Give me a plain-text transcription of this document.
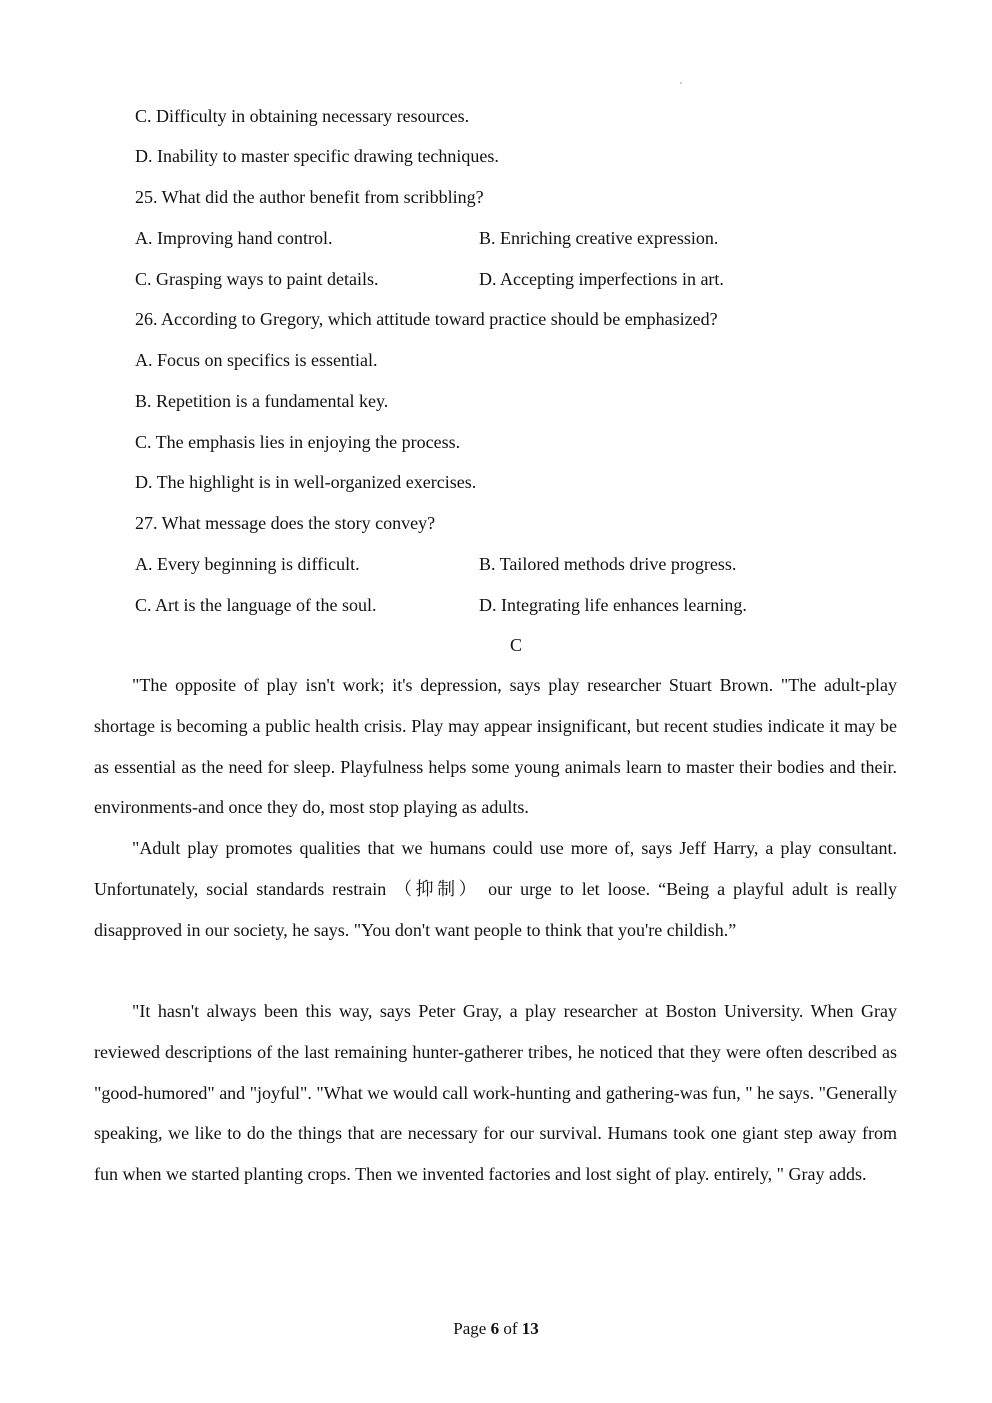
C. Difficulty in obtaining necessary resources.
D. Inability to master specific drawing techniques.
25. What did the author benefit from scribbling?
A. Improving hand control.	B. Enriching creative expression.
C. Grasping ways to paint details.	D. Accepting imperfections in art.
26. According to Gregory, which attitude toward practice should be emphasized?
A. Focus on specifics is essential.
B. Repetition is a fundamental key.
C. The emphasis lies in enjoying the process.
D. The highlight is in well-organized exercises.
27. What message does the story convey?
A. Every beginning is difficult.	B. Tailored methods drive progress.
C. Art is the language of the soul.	D. Integrating life enhances learning.
C

"The opposite of play isn't work; it's depression, says play researcher Stuart Brown. "The adult-play shortage is becoming a public health crisis. Play may appear insignificant, but recent studies indicate it may be as essential as the need for sleep. Playfulness helps some young animals learn to master their bodies and their. environments-and once they do, most stop playing as adults.

"Adult play promotes qualities that we humans could use more of, says Jeff Harry, a play consultant. Unfortunately, social standards restrain （抑制） our urge to let loose. “Being a playful adult is really disapproved in our society, he says. "You don't want people to think that you're childish.”

"It hasn't always been this way, says Peter Gray, a play researcher at Boston University. When Gray reviewed descriptions of the last remaining hunter-gatherer tribes, he noticed that they were often described as "good-humored" and "joyful". "What we would call work-hunting and gathering-was fun, " he says. "Generally speaking, we like to do the things that are necessary for our survival. Humans took one giant step away from fun when we started planting crops. Then we invented factories and lost sight of play. entirely, " Gray adds.

Page 6 of 13
